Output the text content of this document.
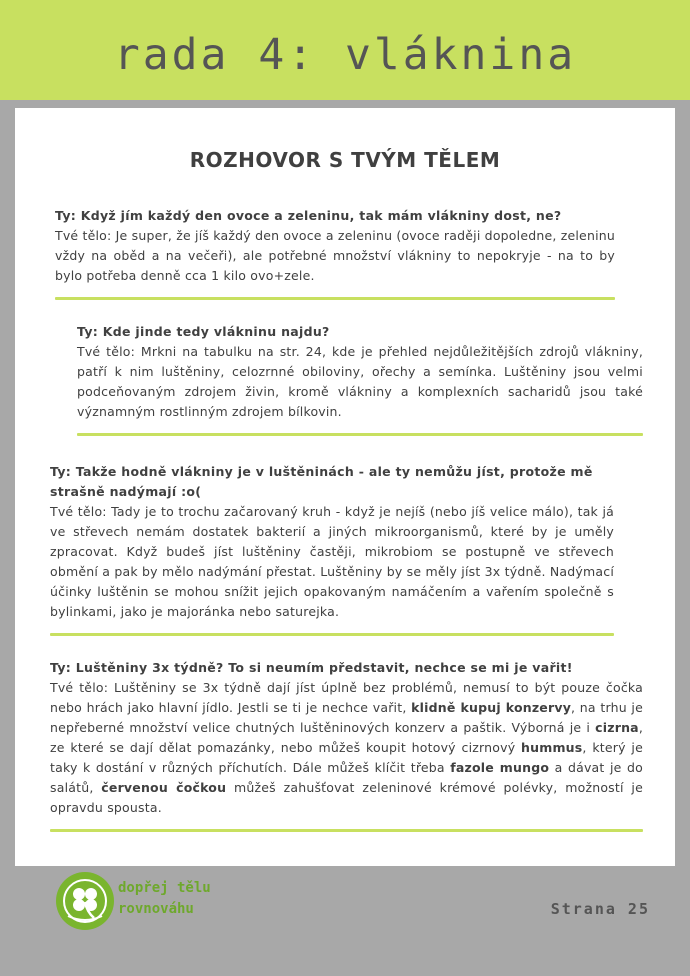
rada 4: vláknina
ROZHOVOR S TVÝM TĚLEM
Ty: Když jím každý den ovoce a zeleninu, tak mám vlákniny dost, ne?
Tvé tělo: Je super, že jíš každý den ovoce a zeleninu (ovoce raději dopoledne, zeleninu vždy na oběd a na večeři), ale potřebné množství vlákniny to nepokryje - na to by bylo potřeba denně cca 1 kilo ovo+zele.
Ty: Kde jinde tedy vlákninu najdu?
Tvé tělo: Mrkni na tabulku na str. 24, kde je přehled nejdůležitějších zdrojů vlákniny, patří k nim luštěniny, celozrnné obiloviny, ořechy a semínka. Luštěniny jsou velmi podceňovaným zdrojem živin, kromě vlákniny a komplexních sacharidů jsou také významným rostlinným zdrojem bílkovin.
Ty: Takže hodně vlákniny je v luštěninách - ale ty nemůžu jíst, protože mě strašně nadýmají :o(
Tvé tělo: Tady je to trochu začarovaný kruh - když je nejíš (nebo jíš velice málo), tak já ve střevech nemám dostatek bakterií a jiných mikroorganismů, které by je uměly zpracovat. Když budeš jíst luštěniny častěji, mikrobiom se postupně ve střevech obmění a pak by mělo nadýmání přestat. Luštěniny by se měly jíst 3x týdně. Nadýmací účinky luštěnin se mohou snížit jejich opakovaným namáčením a vařením společně s bylinkami, jako je majoránka nebo saturejka.
Ty: Luštěniny 3x týdně? To si neumím představit, nechce se mi je vařit!
Tvé tělo: Luštěniny se 3x týdně dají jíst úplně bez problémů, nemusí to být pouze čočka nebo hrách jako hlavní jídlo. Jestli se ti je nechce vařit, klidně kupuj konzervy, na trhu je nepřeberné množství velice chutných luštěninových konzerv a paštik. Výborná je i cizrna, ze které se dají dělat pomazánky, nebo můžeš koupit hotový cizrnový hummus, který je taky k dostání v různých příchutích. Dále můžeš klíčit třeba fazole mungo a dávat je do salátů, červenou čočkou můžeš zahušťovat zeleninové krémové polévky, možností je opravdu spousta.
dopřej tělu
rovnováhu	Strana 25
